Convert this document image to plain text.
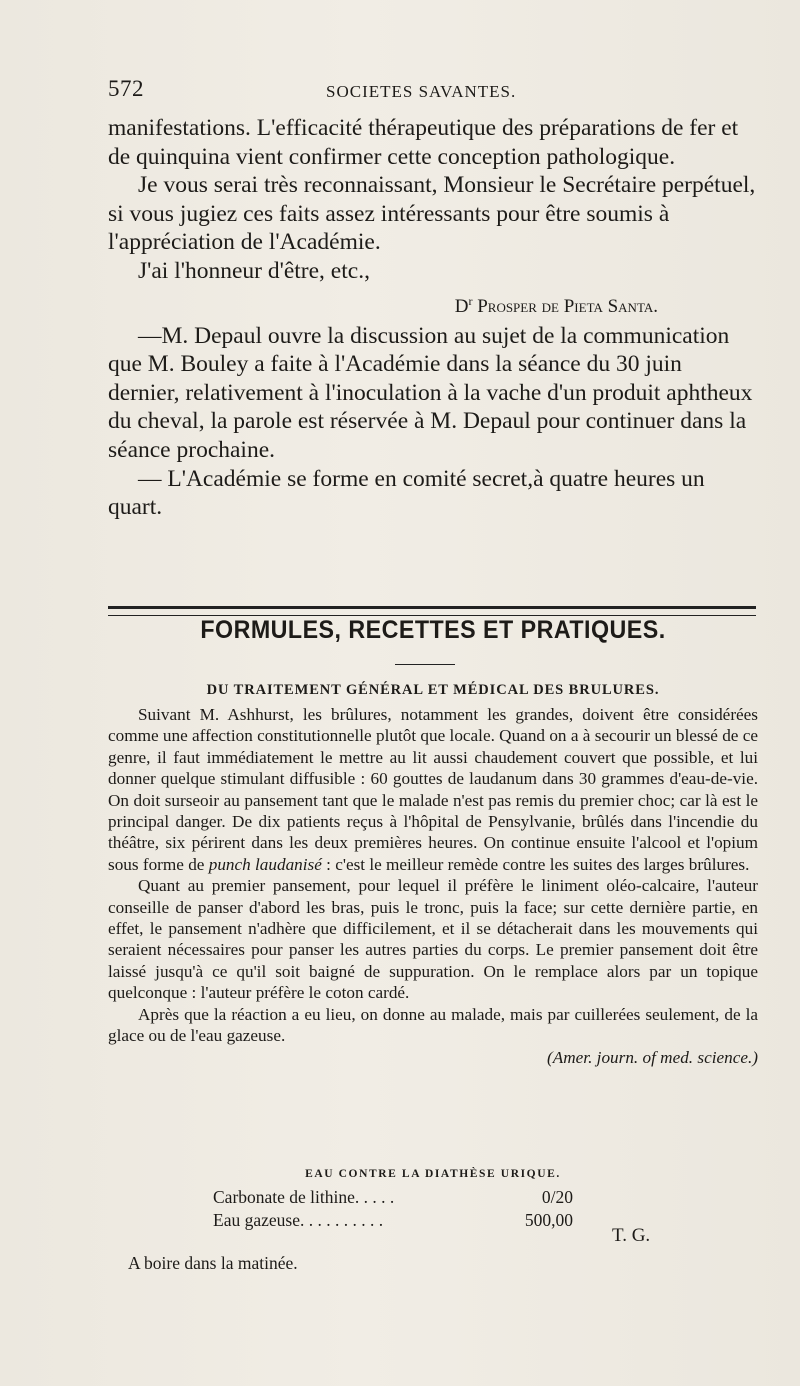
572	SOCIETES SAVANTES.

manifestations. L'efficacité thérapeutique des préparations de fer et de quinquina vient confirmer cette conception pathologique.

Je vous serai très reconnaissant, Monsieur le Secrétaire perpétuel, si vous jugiez ces faits assez intéressants pour être soumis à l'appréciation de l'Académie.

J'ai l'honneur d'être, etc.,

$D^r$ Prosper de Pieta Santa.

—M. Depaul ouvre la discussion au sujet de la communication que M. Bouley a faite à l'Académie dans la séance du 30 juin dernier, relativement à l'inoculation à la vache d'un produit aphtheux du cheval, la parole est réservée à M. Depaul pour continuer dans la séance prochaine.

— L'Académie se forme en comité secret,à quatre heures un quart.

FORMULES, RECETTES ET PRATIQUES.
DU TRAITEMENT GÉNÉRAL ET MÉDICAL DES BRULURES.

Suivant M. Ashhurst, les brûlures, notamment les grandes, doivent être considérées comme une affection constitutionnelle plutôt que locale. Quand on a à secourir un blessé de ce genre, il faut immédiatement le mettre au lit aussi chaudement couvert que possible, et lui donner quelque stimulant diffusible : 60 gouttes de laudanum dans 30 grammes d'eau-de-vie. On doit surseoir au pansement tant que le malade n'est pas remis du premier choc; car là est le principal danger. De dix patients reçus à l'hôpital de Pensylvanie, brûlés dans l'incendie du théâtre, six périrent dans les deux premières heures. On continue ensuite l'alcool et l'opium sous forme de punch laudanisé : c'est le meilleur remède contre les suites des larges brûlures.

Quant au premier pansement, pour lequel il préfère le liniment oléo-calcaire, l'auteur conseille de panser d'abord les bras, puis le tronc, puis la face; sur cette dernière partie, en effet, le pansement n'adhère que difficilement, et il se détacherait dans les mouvements qui seraient nécessaires pour panser les autres parties du corps. Le premier pansement doit être laissé jusqu'à ce qu'il soit baigné de suppuration. On le remplace alors par un topique quelconque : l'auteur préfère le coton cardé.

Après que la réaction a eu lieu, on donne au malade, mais par cuillerées seulement, de la glace ou de l'eau gazeuse.

(Amer. journ. of med. science.)

EAU CONTRE LA DIATHÈSE URIQUE.
Carbonate de lithine. . . . .	0/20
Eau gazeuse. . . . . . . . . .	500,00
T. G.
A boire dans la matinée.
